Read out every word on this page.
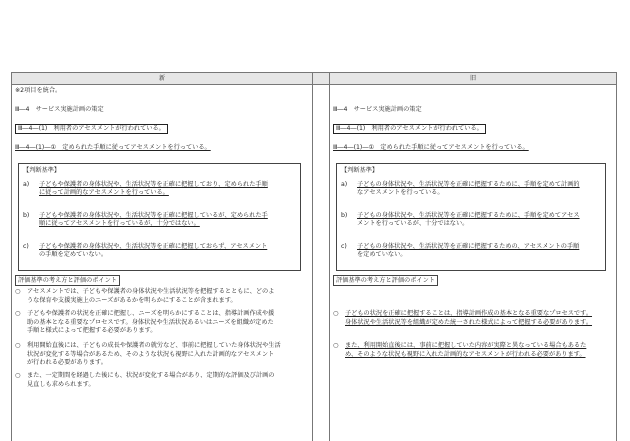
新	旧
※2項目を統合。
Ⅲ―4　サービス実施計画の策定
Ⅲ―4―(1)　利用者のアセスメントが行われている。
Ⅲ―4―(1)―①　定められた手順に従ってアセスメントを行っている。
【判断基準】
a) 子どもや保護者の身体状況や、生活状況等を正確に把握しており、定められた手順
に従って計画的なアセスメントを行っている。
b) 子どもや保護者の身体状況や、生活状況等を正確に把握しているが、定められた手
順に従ってアセスメントを行っているが、十分ではない。
c) 子どもや保護者の身体状況や、生活状況等を正確に把握しておらず、アセスメント
の手順を定めていない。
評価基準の考え方と評価のポイント
○ アセスメントでは、子どもや保護者の身体状況や生活状況等を把握するとともに、どのよ
うな保育や支援実施上のニーズがあるかを明らかにすることが含まれます。
○ 子どもや保護者の状況を正確に把握し、ニーズを明らかにすることは、指導計画作成や援
助の基本となる重要なプロセスです。身体状況や生活状況あるいはニーズを組織が定めた
手順と様式によって把握する必要があります。
○ 利用開始直後には、子どもの成長や保護者の就労など、事前に把握していた身体状況や生活
状況が変化する等場合があるため、そのような状況も視野に入れた計画的なアセスメント
が行われる必要があります。
○ また、一定期間を経過した後にも、状況が変化する場合があり、定期的な評価及び計画の
見直しも求められます。
Ⅲ―4　サービス実施計画の策定
Ⅲ―4―(1)　利用者のアセスメントが行われている。
Ⅲ―4―(1)―①　定められた手順に従ってアセスメントを行っている。
【判断基準】
a) 子どもの身体状況や、生活状況等を正確に把握するために、手順を定めて計画的
なアセスメントを行っている。
b) 子どもの身体状況や、生活状況等を正確に把握するために、手順を定めてアセス
メントを行っているが、十分ではない。
c) 子どもの身体状況や、生活状況等を正確に把握するための、アセスメントの手順
を定めていない。
評価基準の考え方と評価のポイント
○ 子どもの状況を正確に把握することは、指導計画作成の基本となる重要なプロセスです。
身体状況や生活状況等を組織が定めた統一された様式によって把握する必要があります。
○ また、利用開始直後には、事前に把握していた内容が実際と異なっている場合もあるた
め、そのような状況も視野に入れた計画的なアセスメントが行われる必要があります。
